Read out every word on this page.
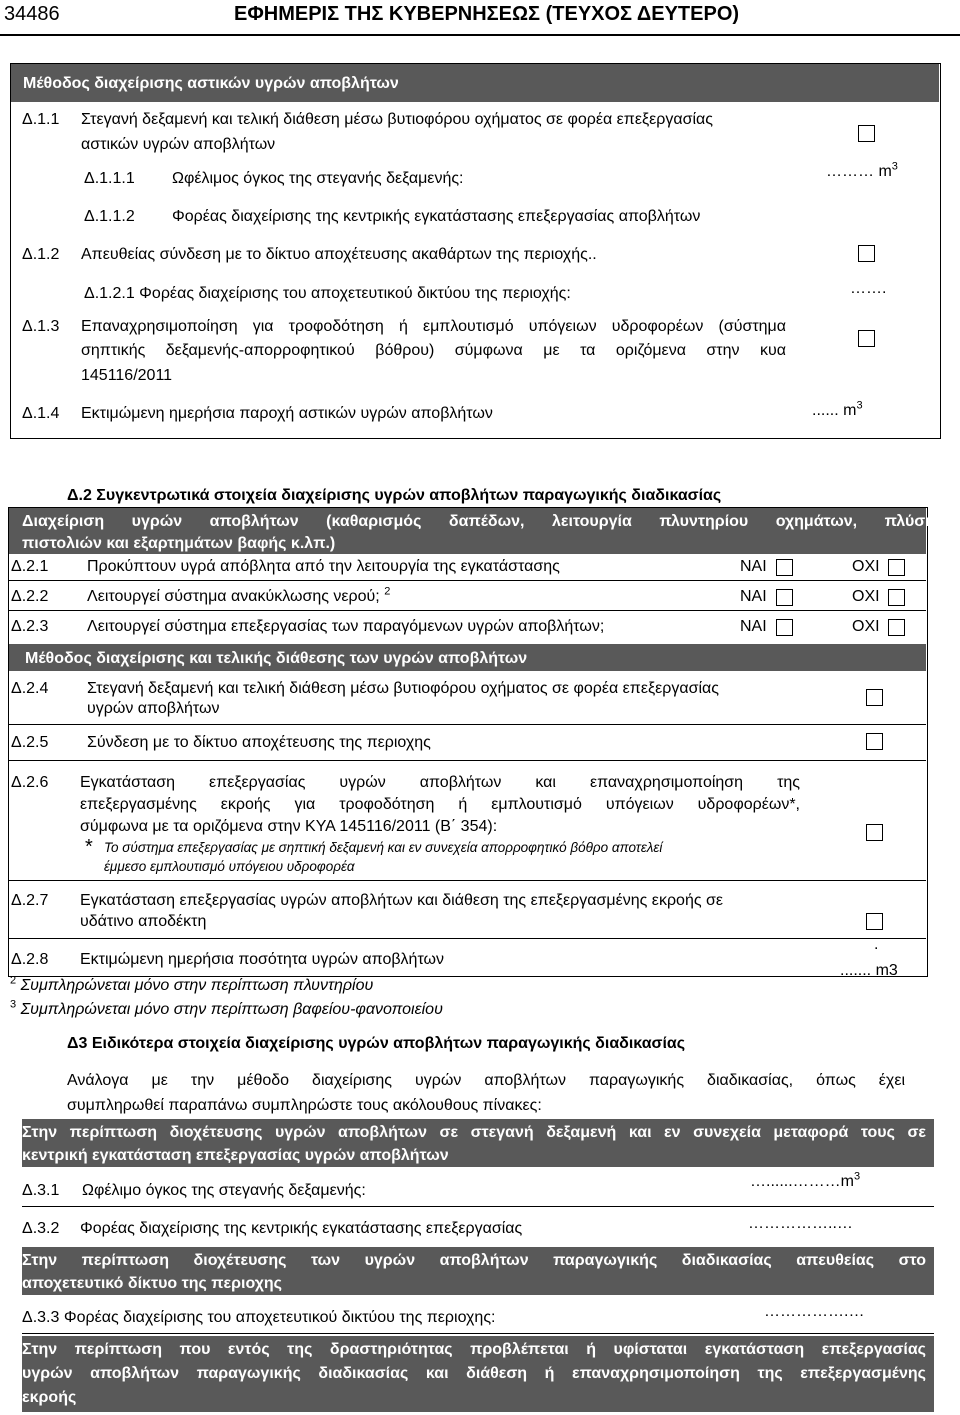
34486	ΕΦΗΜΕΡΙΣ ΤΗΣ ΚΥΒΕΡΝΗΣΕΩΣ (ΤΕΥΧΟΣ ΔΕΥΤΕΡΟ)
Μέθοδος διαχείρισης αστικών υγρών αποβλήτων
Δ.1.1 Στεγανή δεξαμενή και τελική διάθεση μέσω βυτιοφόρου οχήματος σε φορέα επεξεργασίας
αστικών υγρών αποβλήτων
Δ.1.1.1 Ωφέλιμος όγκος της στεγανής δεξαμενής:	……… $m^3$
Δ.1.1.2 Φορέας διαχείρισης της κεντρικής εγκατάστασης επεξεργασίας αποβλήτων
Δ.1.2 Απευθείας σύνδεση με το δίκτυο αποχέτευσης ακαθάρτων της περιοχής..
Δ.1.2.1 Φορέας διαχείρισης του αποχετευτικού δικτύου της περιοχής:	…….
Δ.1.3 Επαναχρησιμοποίηση για τροφοδότηση ή εμπλουτισμό υπόγειων υδροφορέων (σύστημα
σηπτικής δεξαμενής-απορροφητικού βόθρου) σύμφωνα με τα οριζόμενα στην κυα
145116/2011
Δ.1.4 Εκτιμώμενη ημερήσια παροχή αστικών υγρών αποβλήτων	...... $m^3$
Δ.2 Συγκεντρωτικά στοιχεία διαχείρισης υγρών αποβλήτων παραγωγικής διαδικασίας
Διαχείριση υγρών αποβλήτων (καθαρισμός δαπέδων, λειτουργία πλυντηρίου οχημάτων, πλύση
πιστολιών και εξαρτημάτων βαφής κ.λπ.)
Δ.2.1 Προκύπτουν υγρά απόβλητα από την λειτουργία της εγκατάστασης	ΝΑΙ	ΟΧΙ
Δ.2.2 Λειτουργεί σύστημα ανακύκλωσης νερού; $^2$	ΝΑΙ	ΟΧΙ
Δ.2.3 Λειτουργεί σύστημα επεξεργασίας των παραγόμενων υγρών αποβλήτων;	ΝΑΙ	ΟΧΙ
Μέθοδος διαχείρισης και τελικής διάθεσης των υγρών αποβλήτων
Δ.2.4 Στεγανή δεξαμενή και τελική διάθεση μέσω βυτιοφόρου οχήματος σε φορέα επεξεργασίας
υγρών αποβλήτων
Δ.2.5 Σύνδεση με το δίκτυο αποχέτευσης της περιοχης
Δ.2.6 Εγκατάσταση επεξεργασίας υγρών αποβλήτων και επαναχρησιμοποίηση της
επεξεργασμένης εκροής για τροφοδότηση ή εμπλουτισμό υπόγειων υδροφορέων*,
σύμφωνα με τα οριζόμενα στην ΚΥΑ 145116/2011 (Β΄ 354):
* Το σύστημα επεξεργασίας με σηπτική δεξαμενή και εν συνεχεία απορροφητικό βόθρο αποτελεί
έμμεσο εμπλουτισμό υπόγειου υδροφορέα
Δ.2.7 Εγκατάσταση επεξεργασίας υγρών αποβλήτων και διάθεση της επεξεργασμένης εκροής σε
υδάτινο αποδέκτη
Δ.2.8 Εκτιμώμενη ημερήσια ποσότητα υγρών αποβλήτων
.
....... m3
$^2$ Συμπληρώνεται μόνο στην περίπτωση πλυντηρίου
$^3$ Συμπληρώνεται μόνο στην περίπτωση βαφείου-φανοποιείου
Δ3 Ειδικότερα στοιχεία διαχείρισης υγρών αποβλήτων παραγωγικής διαδικασίας
Ανάλογα με την μέθοδο διαχείρισης υγρών αποβλήτων παραγωγικής διαδικασίας, όπως έχει
συμπληρωθεί παραπάνω συμπληρώστε τους ακόλουθους πίνακες:
Στην περίπτωση διοχέτευσης υγρών αποβλήτων σε στεγανή δεξαμενή και εν συνεχεία μεταφορά τους σε
κεντρική εγκατάσταση επεξεργασίας υγρών αποβλήτων
Δ.3.1 Ωφέλιμο όγκος της στεγανής δεξαμενής:
$\dots......\dots\dots\dots m^3$
Δ.3.2 Φορέας διαχείρισης της κεντρικής εγκατάστασης επεξεργασίας	……………..…
Στην περίπτωση διοχέτευσης των υγρών αποβλήτων παραγωγικής διαδικασίας απευθείας στο
αποχετευτικό δίκτυο της περιοχης
Δ.3.3 Φορέας διαχείρισης του αποχετευτικού δικτύου της περιοχης:	…………….…
Στην περίπτωση που εντός της δραστηριότητας προβλέπεται ή υφίσταται εγκατάσταση επεξεργασίας
υγρών αποβλήτων παραγωγικής διαδικασίας και διάθεση ή επαναχρησιμοποίηση της επεξεργασμένης
εκροής
